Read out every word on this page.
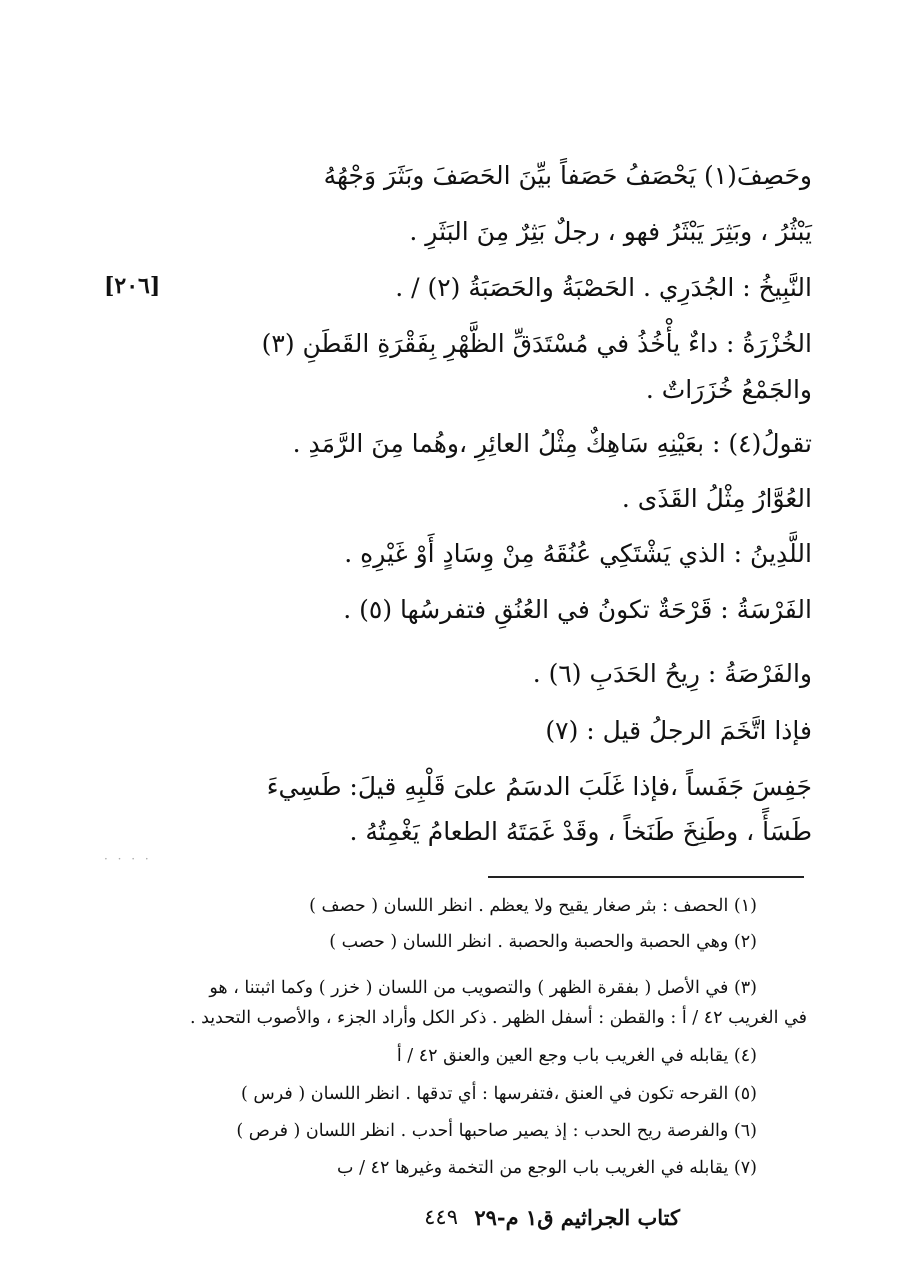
[٢٠٦]

وحَصِفَ(١) يَحْصَفُ حَصَفاً بيِّنَ الحَصَفَ وبَثَرَ وَجْهُهُ

يَبْثُرُ ، وبَثِرَ يَبْثَرُ فهو ، رجلٌ بَثِرٌ مِنَ البَثَرِ .

النَّبِيخُ : الجُدَرِي . الحَصْبَةُ والحَصَبَةُ (٢) / .

الخُزْرَةُ : داءٌ يأْخُذُ في مُسْتَدَقِّ الظَّهْرِ بِفَقْرَةِ القَطَنِ (٣)

والجَمْعُ خُزَرَاتٌ .

تقولُ(٤) : بعَيْنِهِ سَاهِكٌ مِثْلُ العائِرِ ،وهُما مِنَ الرَّمَدِ .

العُوَّارُ مِثْلُ القَذَى .

اللَّدِينُ : الذي يَشْتَكِي عُنُقَهُ مِنْ وِسَادٍ أَوْ غَيْرِهِ .

الفَرْسَةُ : قَرْحَةٌ تكونُ في العُنُقِ فتفرسُها (٥) .

والفَرْصَةُ : رِيحُ الحَدَبِ (٦) .

فإذا اتَّخَمَ الرجلُ قيل : (٧)

جَفِسَ جَفَساً ،فإذا غَلَبَ الدسَمُ علىَ قَلْبِهِ قيلَ: طَسِيءَ

طَسَأً ، وطَنِخَ طَنَخاً ، وقَدْ غَمَتَهُ الطعامُ يَغْمِتُهُ .

· · · ·
(١) الحصف : بثر صغار يقيح ولا يعظم . انظر اللسان ( حصف )
(٢) وهي الحصبة والحصبة والحصبة . انظر اللسان ( حصب )
(٣) في الأصل ( بفقرة الظهر ) والتصويب من اللسان ( خزر ) وكما اثبتنا ، هو
في الغريب ٤٢ / أ : والقطن : أسفل الظهر . ذكر الكل وأراد الجزء ، والأصوب التحديد .
(٤) يقابله في الغريب باب وجع العين والعنق ٤٢ / أ
(٥) القرحه تكون في العنق ،فتفرسها : أي تدقها . انظر اللسان ( فرس )
(٦) والفرصة ريح الحدب : إذ يصير صاحبها أحدب . انظر اللسان ( فرص )
(٧) يقابله في الغريب باب الوجع من التخمة وغيرها ٤٢ / ب
كتاب الجراثيم ق١ م-٢٩
٤٤٩
